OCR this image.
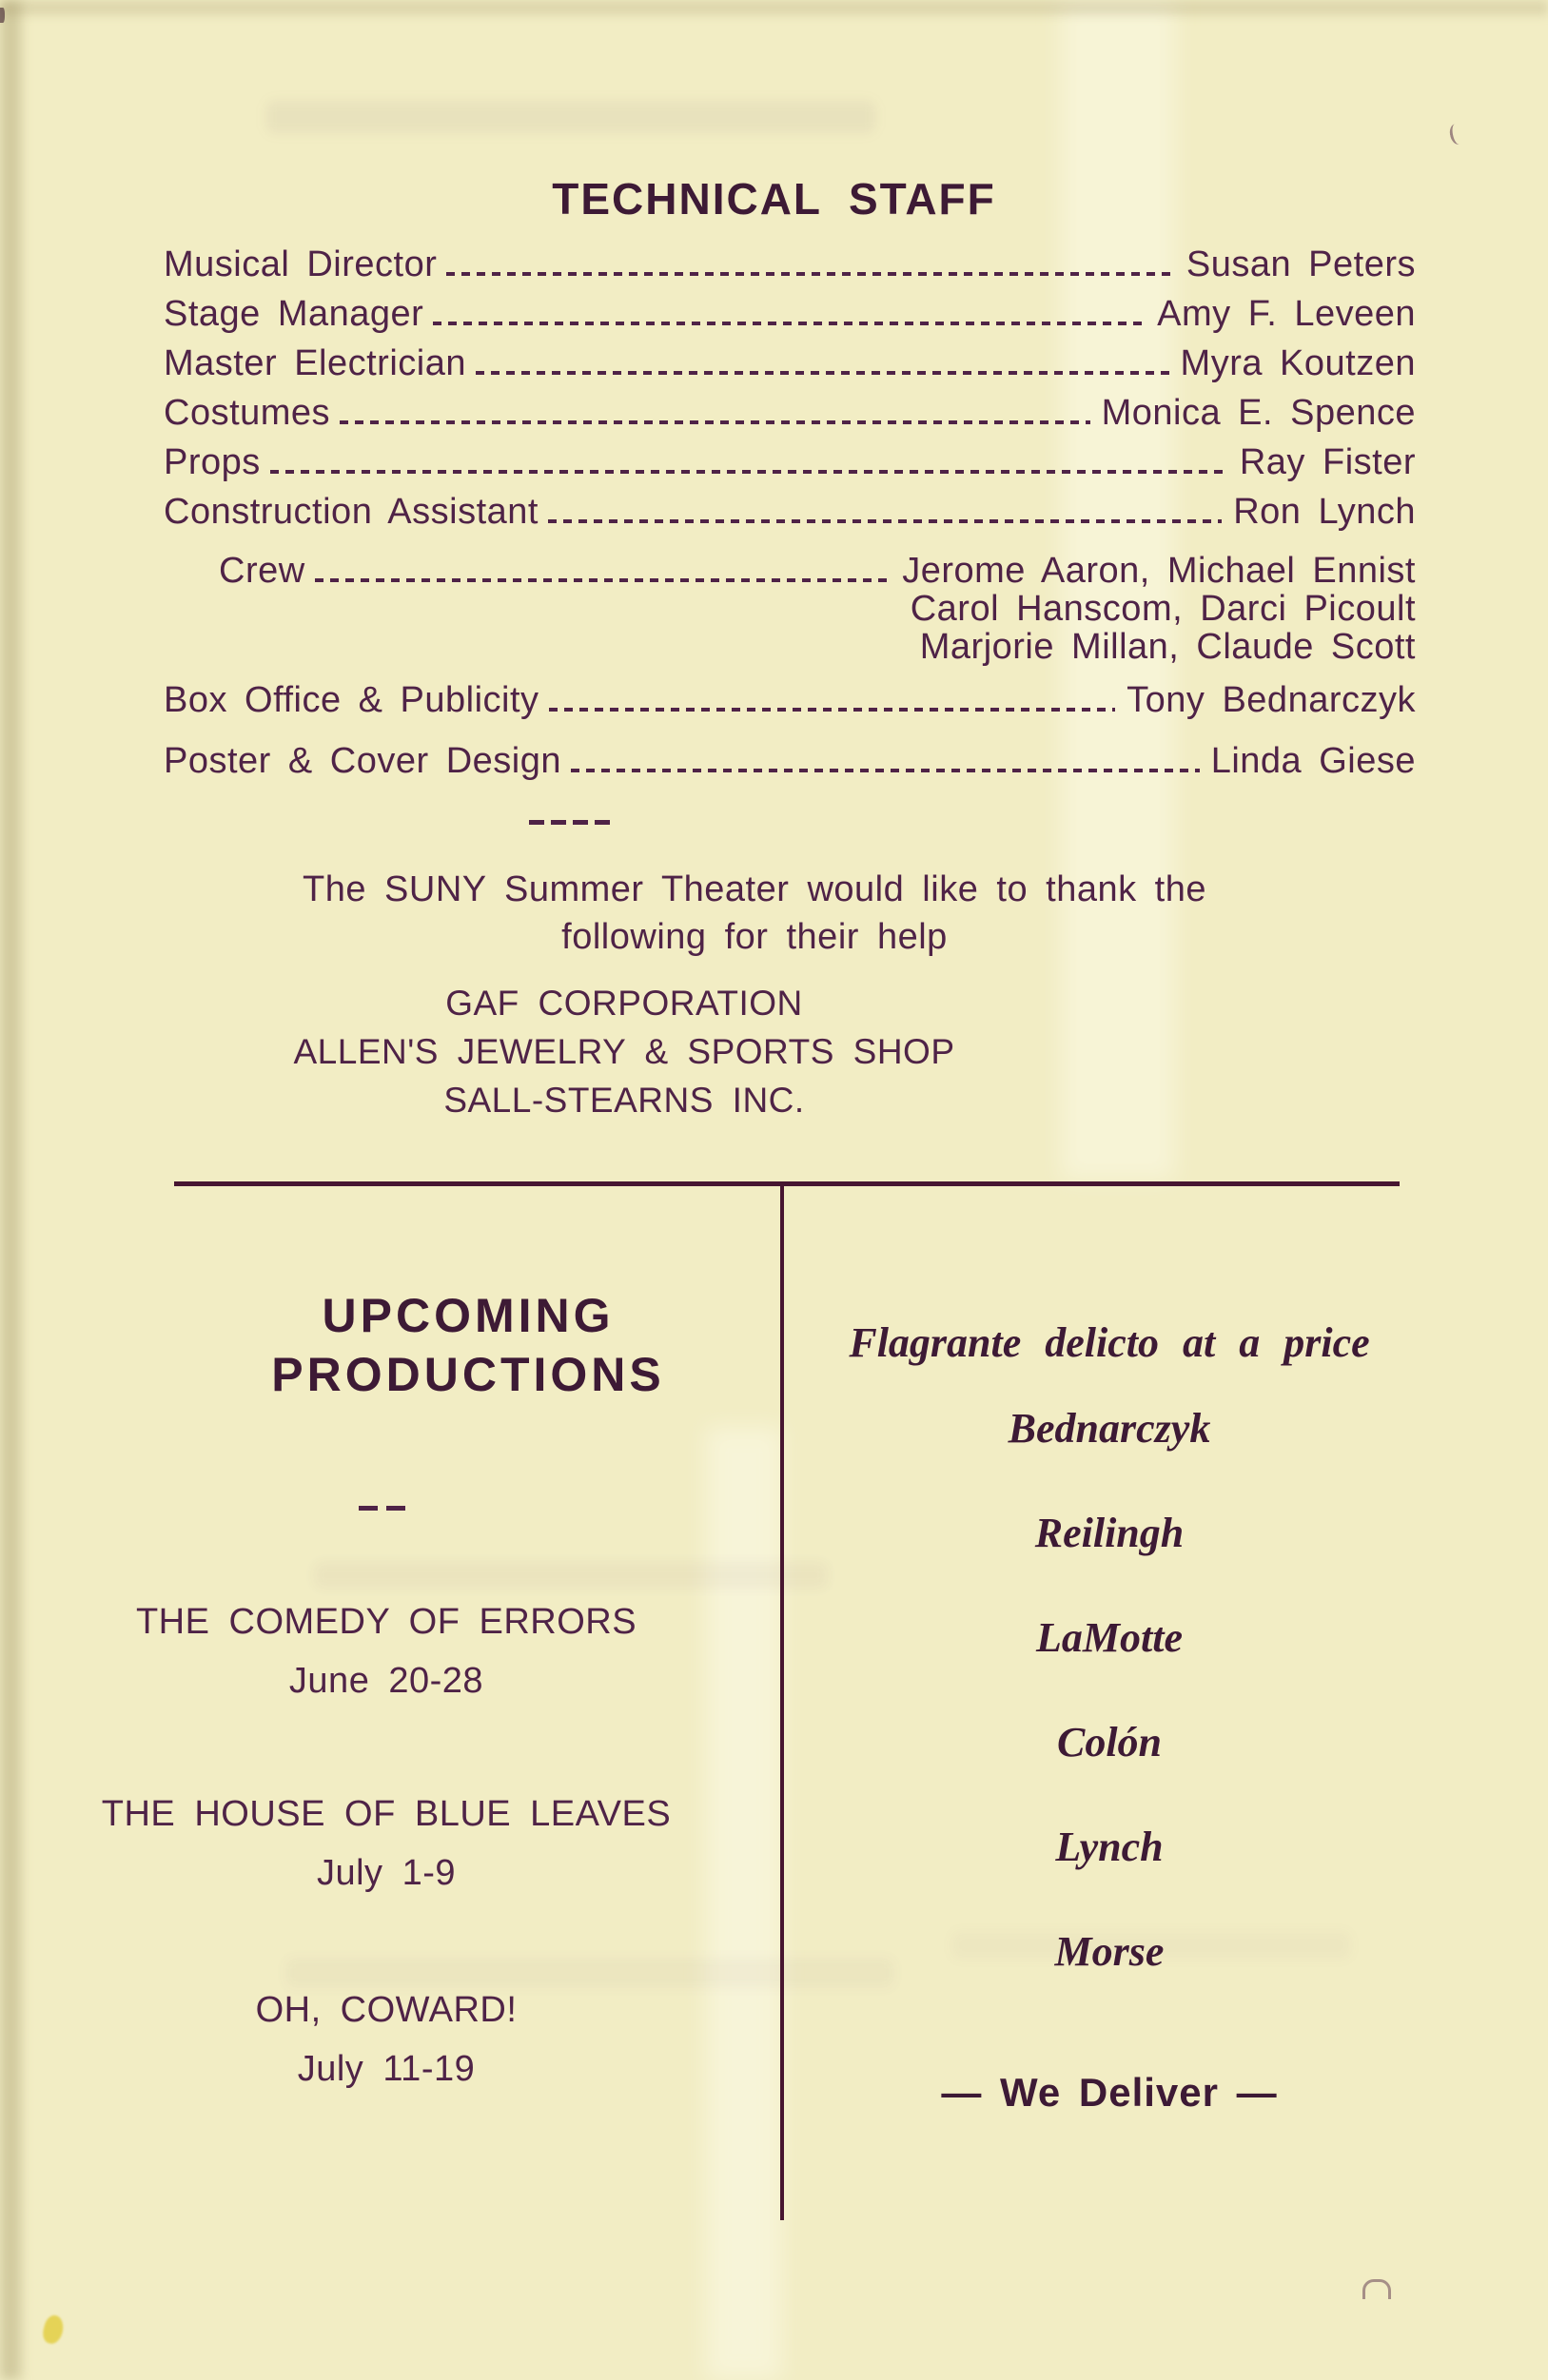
TECHNICAL STAFF
Musical Director	Susan Peters
Stage Manager	Amy F. Leveen
Master Electrician	Myra Koutzen
Costumes	Monica E. Spence
Props	Ray Fister
Construction Assistant	Ron Lynch
Crew	Jerome Aaron, Michael Ennist
Carol Hanscom, Darci Picoult
Marjorie Millan, Claude Scott
Box Office & Publicity	Tony Bednarczyk
Poster & Cover Design	Linda Giese
The SUNY Summer Theater would like to thank the
following for their help
GAF CORPORATION
ALLEN'S JEWELRY & SPORTS SHOP
SALL-STEARNS INC.
UPCOMING
PRODUCTIONS
THE COMEDY OF ERRORS
June 20-28
THE HOUSE OF BLUE LEAVES
July 1-9
OH, COWARD!
July 11-19
Flagrante delicto at a price
Bednarczyk
Reilingh
LaMotte
Colón
Lynch
Morse
— We Deliver —
